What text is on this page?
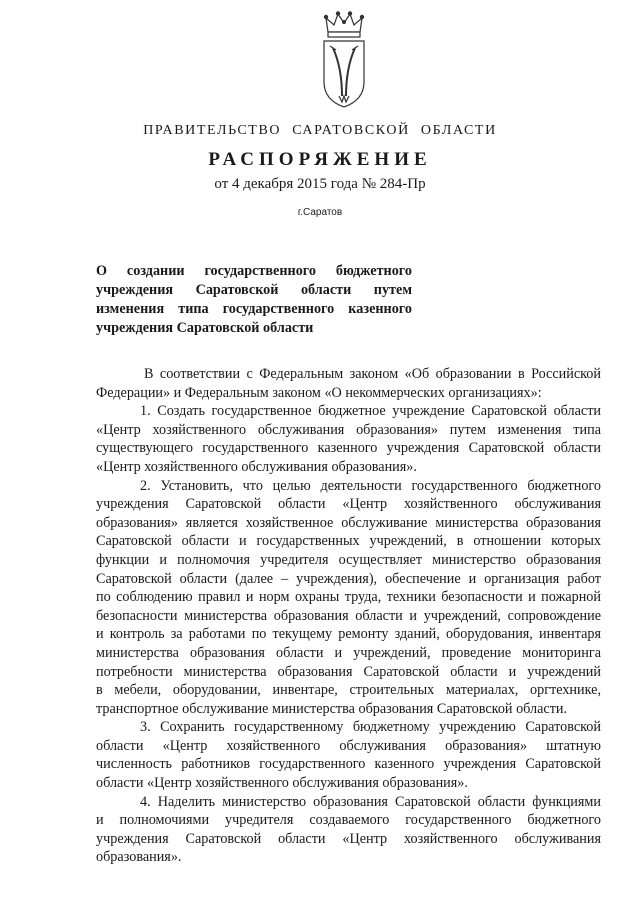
ПРАВИТЕЛЬСТВО САРАТОВСКОЙ ОБЛАСТИ
РАСПОРЯЖЕНИЕ
от 4 декабря 2015 года № 284-Пр
г.Саратов
О создании государственного бюджетного
учреждения Саратовской области путем
изменения типа государственного казенного
учреждения Саратовской области

В соответствии с Федеральным законом «Об образовании в Российской
Федерации» и Федеральным законом «О некоммерческих организациях»:

1. Создать государственное бюджетное учреждение Саратовской области
«Центр хозяйственного обслуживания образования» путем изменения типа
существующего государственного казенного учреждения Саратовской области
«Центр хозяйственного обслуживания образования».

2. Установить, что целью деятельности государственного бюджетного
учреждения Саратовской области «Центр хозяйственного обслуживания
образования» является хозяйственное обслуживание министерства образования
Саратовской области и государственных учреждений, в отношении которых
функции и полномочия учредителя осуществляет министерство образования
Саратовской области (далее – учреждения), обеспечение и организация работ
по соблюдению правил и норм охраны труда, техники безопасности и пожарной
безопасности министерства образования области и учреждений, сопровождение
и контроль за работами по текущему ремонту зданий, оборудования, инвентаря
министерства образования области и учреждений, проведение мониторинга
потребности министерства образования Саратовской области и учреждений
в мебели, оборудовании, инвентаре, строительных материалах, оргтехнике,
транспортное обслуживание министерства образования Саратовской области.

3. Сохранить государственному бюджетному учреждению Саратовской
области «Центр хозяйственного обслуживания образования» штатную
численность работников государственного казенного учреждения Саратовской
области «Центр хозяйственного обслуживания образования».

4. Наделить министерство образования Саратовской области функциями
и полномочиями учредителя создаваемого государственного бюджетного
учреждения Саратовской области «Центр хозяйственного обслуживания
образования».
